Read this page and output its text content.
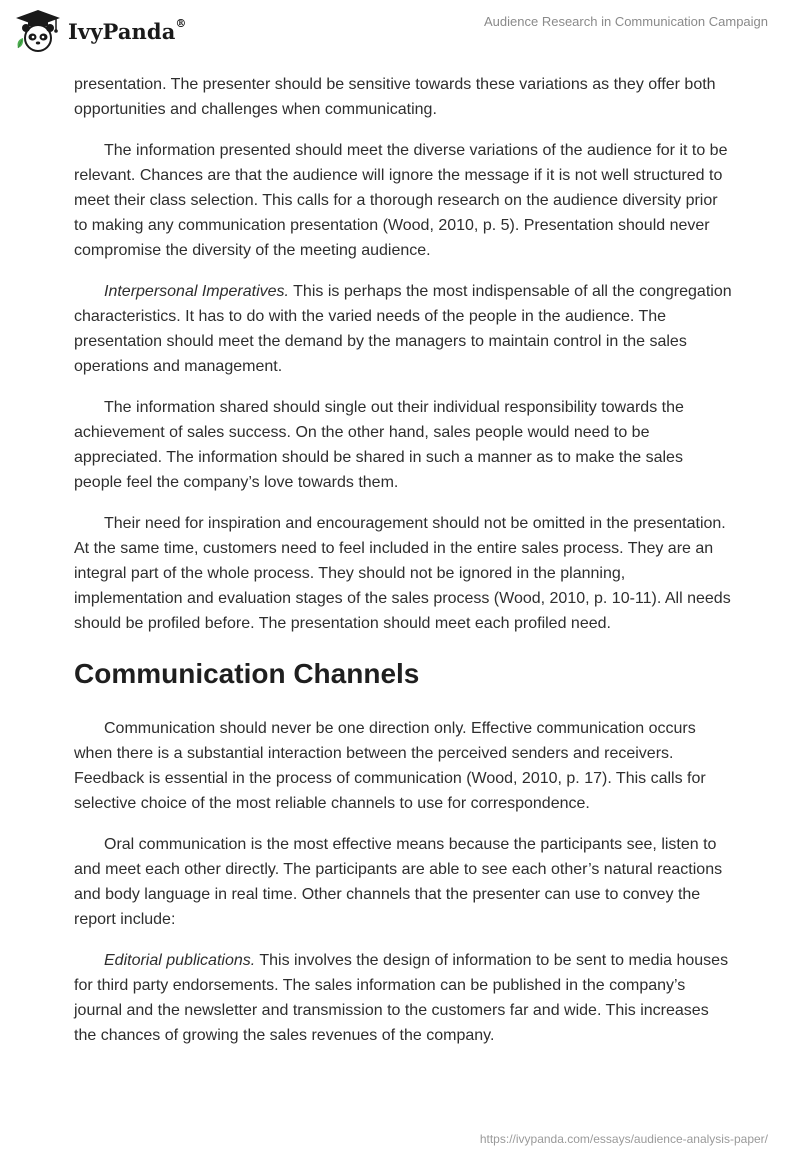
IvyPanda®	Audience Research in Communication Campaign

presentation. The presenter should be sensitive towards these variations as they offer both opportunities and challenges when communicating.

The information presented should meet the diverse variations of the audience for it to be relevant. Chances are that the audience will ignore the message if it is not well structured to meet their class selection. This calls for a thorough research on the audience diversity prior to making any communication presentation (Wood, 2010, p. 5). Presentation should never compromise the diversity of the meeting audience.

Interpersonal Imperatives. This is perhaps the most indispensable of all the congregation characteristics. It has to do with the varied needs of the people in the audience. The presentation should meet the demand by the managers to maintain control in the sales operations and management.

The information shared should single out their individual responsibility towards the achievement of sales success. On the other hand, sales people would need to be appreciated. The information should be shared in such a manner as to make the sales people feel the company’s love towards them.

Their need for inspiration and encouragement should not be omitted in the presentation. At the same time, customers need to feel included in the entire sales process. They are an integral part of the whole process. They should not be ignored in the planning, implementation and evaluation stages of the sales process (Wood, 2010, p. 10-11). All needs should be profiled before. The presentation should meet each profiled need.

Communication Channels

Communication should never be one direction only. Effective communication occurs when there is a substantial interaction between the perceived senders and receivers. Feedback is essential in the process of communication (Wood, 2010, p. 17). This calls for selective choice of the most reliable channels to use for correspondence.

Oral communication is the most effective means because the participants see, listen to and meet each other directly. The participants are able to see each other’s natural reactions and body language in real time. Other channels that the presenter can use to convey the report include:

Editorial publications. This involves the design of information to be sent to media houses for third party endorsements. The sales information can be published in the company’s journal and the newsletter and transmission to the customers far and wide. This increases the chances of growing the sales revenues of the company.

https://ivypanda.com/essays/audience-analysis-paper/
